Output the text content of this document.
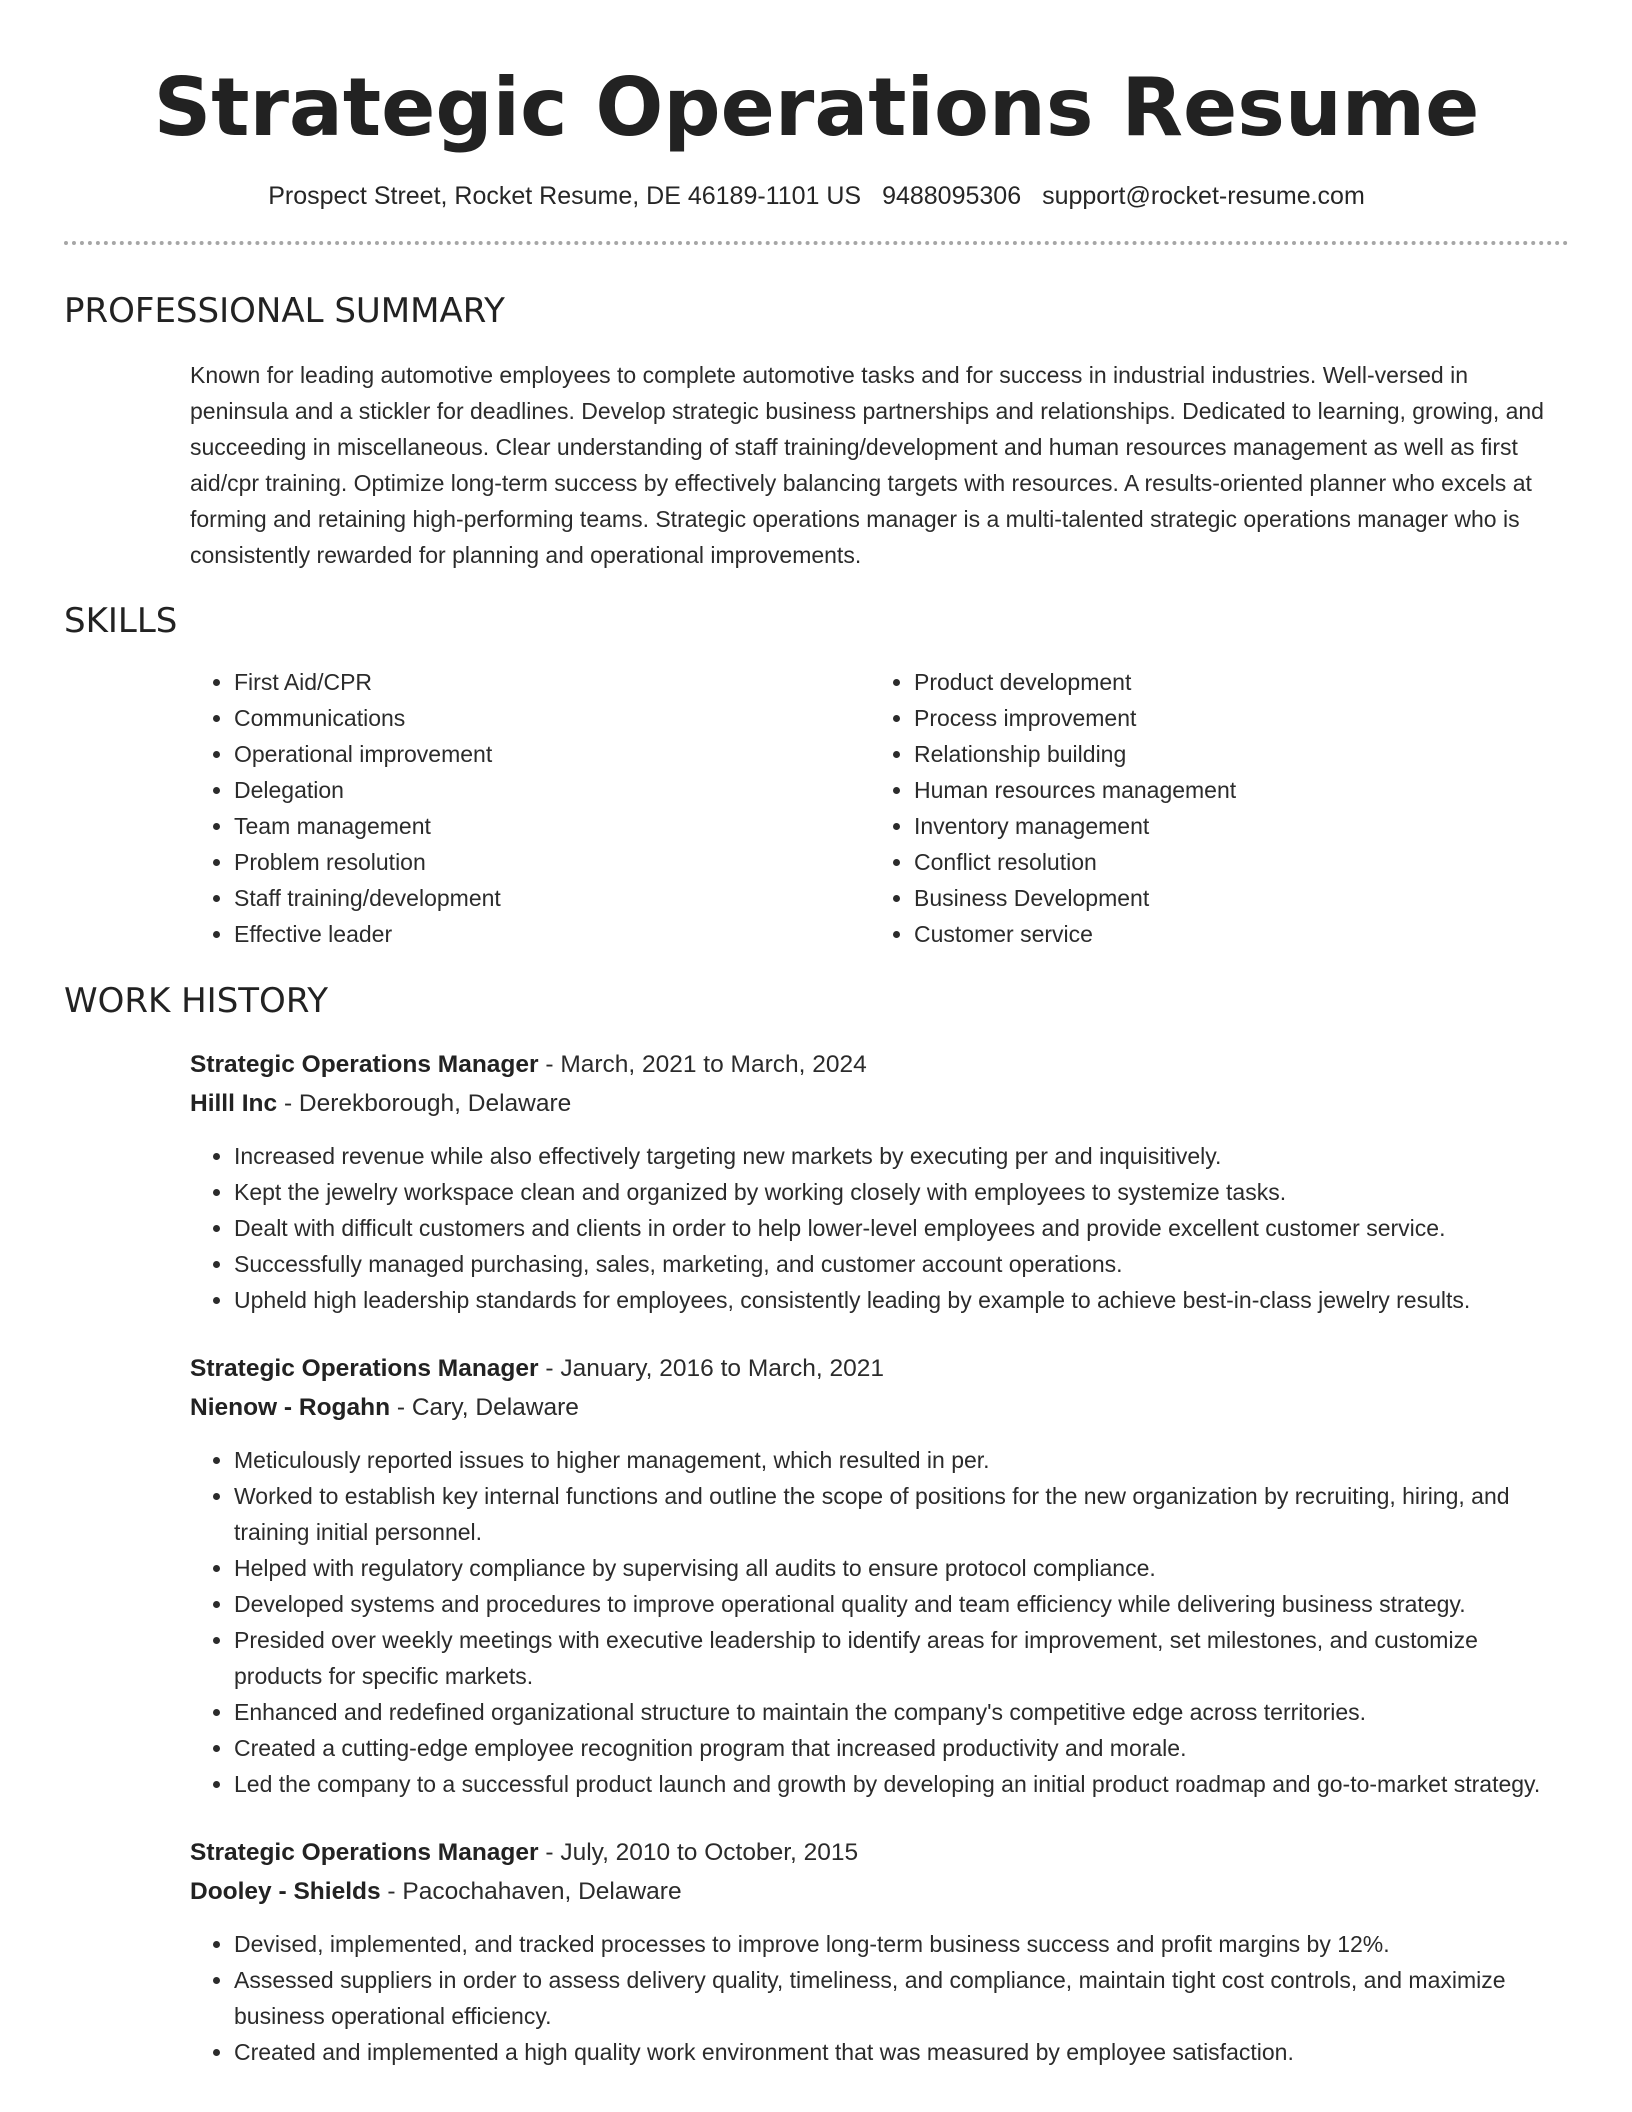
Strategic Operations Resume
Prospect Street, Rocket Resume, DE 46189-1101 US 9488095306 support@rocket-resume.com
PROFESSIONAL SUMMARY
Known for leading automotive employees to complete automotive tasks and for success in industrial industries. Well-versed in peninsula and a stickler for deadlines. Develop strategic business partnerships and relationships. Dedicated to learning, growing, and succeeding in miscellaneous. Clear understanding of staff training/development and human resources management as well as first aid/cpr training. Optimize long-term success by effectively balancing targets with resources. A results-oriented planner who excels at forming and retaining high-performing teams. Strategic operations manager is a multi-talented strategic operations manager who is consistently rewarded for planning and operational improvements.
SKILLS
• First Aid/CPR
• Communications
• Operational improvement
• Delegation
• Team management
• Problem resolution
• Staff training/development
• Effective leader
• Product development
• Process improvement
• Relationship building
• Human resources management
• Inventory management
• Conflict resolution
• Business Development
• Customer service
WORK HISTORY
Strategic Operations Manager - March, 2021 to March, 2024
Hilll Inc - Derekborough, Delaware
• Increased revenue while also effectively targeting new markets by executing per and inquisitively.
• Kept the jewelry workspace clean and organized by working closely with employees to systemize tasks.
• Dealt with difficult customers and clients in order to help lower-level employees and provide excellent customer service.
• Successfully managed purchasing, sales, marketing, and customer account operations.
• Upheld high leadership standards for employees, consistently leading by example to achieve best-in-class jewelry results.
Strategic Operations Manager - January, 2016 to March, 2021
Nienow - Rogahn - Cary, Delaware
• Meticulously reported issues to higher management, which resulted in per.
• Worked to establish key internal functions and outline the scope of positions for the new organization by recruiting, hiring, and training initial personnel.
• Helped with regulatory compliance by supervising all audits to ensure protocol compliance.
• Developed systems and procedures to improve operational quality and team efficiency while delivering business strategy.
• Presided over weekly meetings with executive leadership to identify areas for improvement, set milestones, and customize products for specific markets.
• Enhanced and redefined organizational structure to maintain the company's competitive edge across territories.
• Created a cutting-edge employee recognition program that increased productivity and morale.
• Led the company to a successful product launch and growth by developing an initial product roadmap and go-to-market strategy.
Strategic Operations Manager - July, 2010 to October, 2015
Dooley - Shields - Pacochahaven, Delaware
• Devised, implemented, and tracked processes to improve long-term business success and profit margins by 12%.
• Assessed suppliers in order to assess delivery quality, timeliness, and compliance, maintain tight cost controls, and maximize business operational efficiency.
• Created and implemented a high quality work environment that was measured by employee satisfaction.
